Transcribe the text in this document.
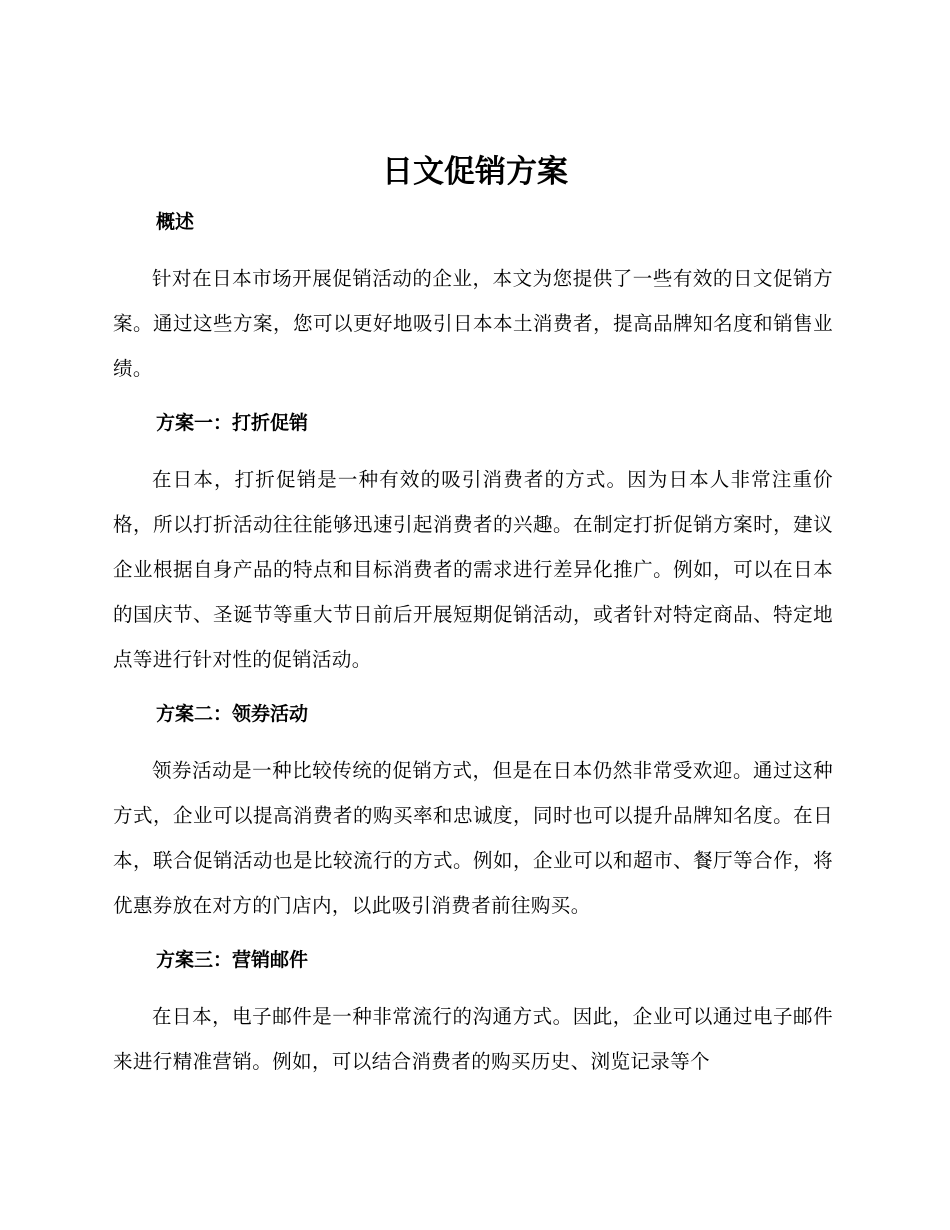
日文促销方案
概述

针对在日本市场开展促销活动的企业，本文为您提供了一些有效的日文促销方案。通过这些方案，您可以更好地吸引日本本土消费者，提高品牌知名度和销售业绩。

方案一：打折促销

在日本，打折促销是一种有效的吸引消费者的方式。因为日本人非常注重价格，所以打折活动往往能够迅速引起消费者的兴趣。在制定打折促销方案时，建议企业根据自身产品的特点和目标消费者的需求进行差异化推广。例如，可以在日本的国庆节、圣诞节等重大节日前后开展短期促销活动，或者针对特定商品、特定地点等进行针对性的促销活动。

方案二：领券活动

领券活动是一种比较传统的促销方式，但是在日本仍然非常受欢迎。通过这种方式，企业可以提高消费者的购买率和忠诚度，同时也可以提升品牌知名度。在日本，联合促销活动也是比较流行的方式。例如，企业可以和超市、餐厅等合作，将优惠券放在对方的门店内，以此吸引消费者前往购买。

方案三：营销邮件

在日本，电子邮件是一种非常流行的沟通方式。因此，企业可以通过电子邮件来进行精准营销。例如，可以结合消费者的购买历史、浏览记录等个
